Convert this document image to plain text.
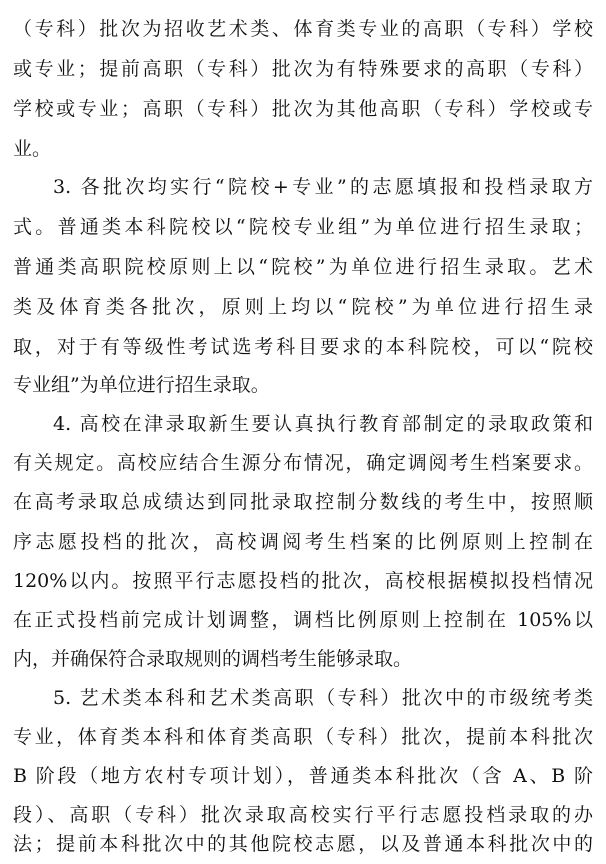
（专科）批次为招收艺术类、体育类专业的高职（专科）学校
或专业；提前高职（专科）批次为有特殊要求的高职（专科）
学校或专业；高职（专科）批次为其他高职（专科）学校或专
业。
3. 各批次均实行“院校+专业”的志愿填报和投档录取方
式。普通类本科院校以“院校专业组”为单位进行招生录取；
普通类高职院校原则上以“院校”为单位进行招生录取。艺术
类及体育类各批次，原则上均以“院校”为单位进行招生录
取，对于有等级性考试选考科目要求的本科院校，可以“院校
专业组”为单位进行招生录取。
4. 高校在津录取新生要认真执行教育部制定的录取政策和
有关规定。高校应结合生源分布情况，确定调阅考生档案要求。
在高考录取总成绩达到同批录取控制分数线的考生中，按照顺
序志愿投档的批次，高校调阅考生档案的比例原则上控制在
120%以内。按照平行志愿投档的批次，高校根据模拟投档情况
在正式投档前完成计划调整，调档比例原则上控制在 105%以
内，并确保符合录取规则的调档考生能够录取。
5. 艺术类本科和艺术类高职（专科）批次中的市级统考类
专业，体育类本科和体育类高职（专科）批次，提前本科批次
B 阶段（地方农村专项计划），普通类本科批次（含 A、B 阶
段）、高职（专科）批次录取高校实行平行志愿投档录取的办
法；提前本科批次中的其他院校志愿，以及普通本科批次中的
